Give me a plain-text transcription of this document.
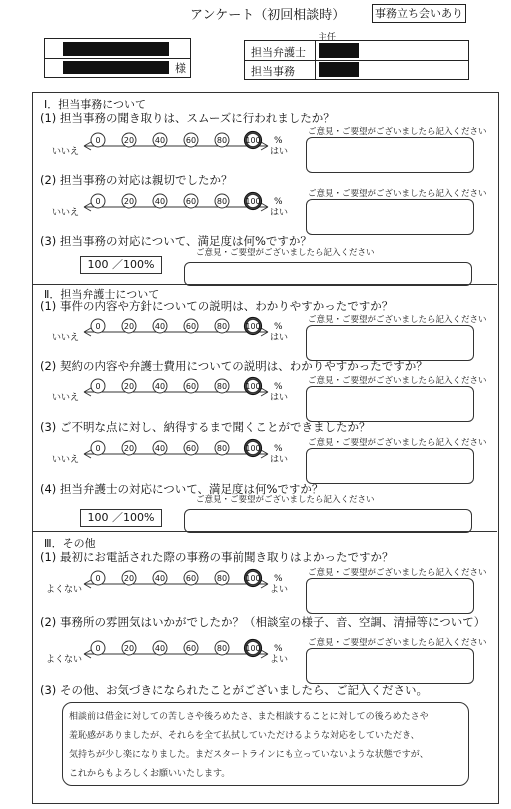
アンケート（初回相談時）	事務立ち会いあり
様
主任
担当弁護士
担当事務
Ⅰ．担当事務について
(1) 担当事務の聞き取りは、スムーズに行われましたか？
(2) 担当事務の対応は親切でしたか？
(3) 担当事務の対応について、満足度は何%ですか？
100 ／100%
Ⅱ．担当弁護士について
(1) 事件の内容や方針についての説明は、わかりやすかったですか？
(2) 契約の内容や弁護士費用についての説明は、わかりやすかったですか？
(3) ご不明な点に対し、納得するまで聞くことができましたか？
(4) 担当弁護士の対応について、満足度は何%ですか？
100 ／100%
Ⅲ．その他
(1) 最初にお電話された際の事務の事前聞き取りはよかったですか？
(2) 事務所の雰囲気はいかがでしたか？（相談室の様子、音、空調、清掃等について）
(3) その他、お気づきになられたことがございましたら、ご記入ください。
相談前は借金に対しての苦しさや後ろめたさ、また相談することに対しての後ろめたさや
羞恥感がありましたが、それらを全て払拭していただけるような対応をしていただき、
気持ちが少し楽になりました。まだスタートラインにも立っていないような状態ですが、
これからもよろしくお願いいたします。
ご意見・ご要望がございましたら記入ください
いいえ	はい
0	20	40	60	80 100 %
ご意見・ご要望がございましたら記入ください
いいえ	はい
0	20	40	60	80 100 %
ご意見・ご要望がございましたら記入ください
いいえ	はい
0	20	40	60	80 100 %
ご意見・ご要望がございましたら記入ください
いいえ	はい
0	20	40	60	80 100 %
ご意見・ご要望がございましたら記入ください
いいえ	はい
0	20	40	60	80 100 %
ご意見・ご要望がございましたら記入ください
よくない	よい
0	20	40	60	80 100 %
ご意見・ご要望がございましたら記入ください
よくない	よい
0	20	40	60	80 100 %
ご意見・ご要望がございましたら記入ください
ご意見・ご要望がございましたら記入ください
